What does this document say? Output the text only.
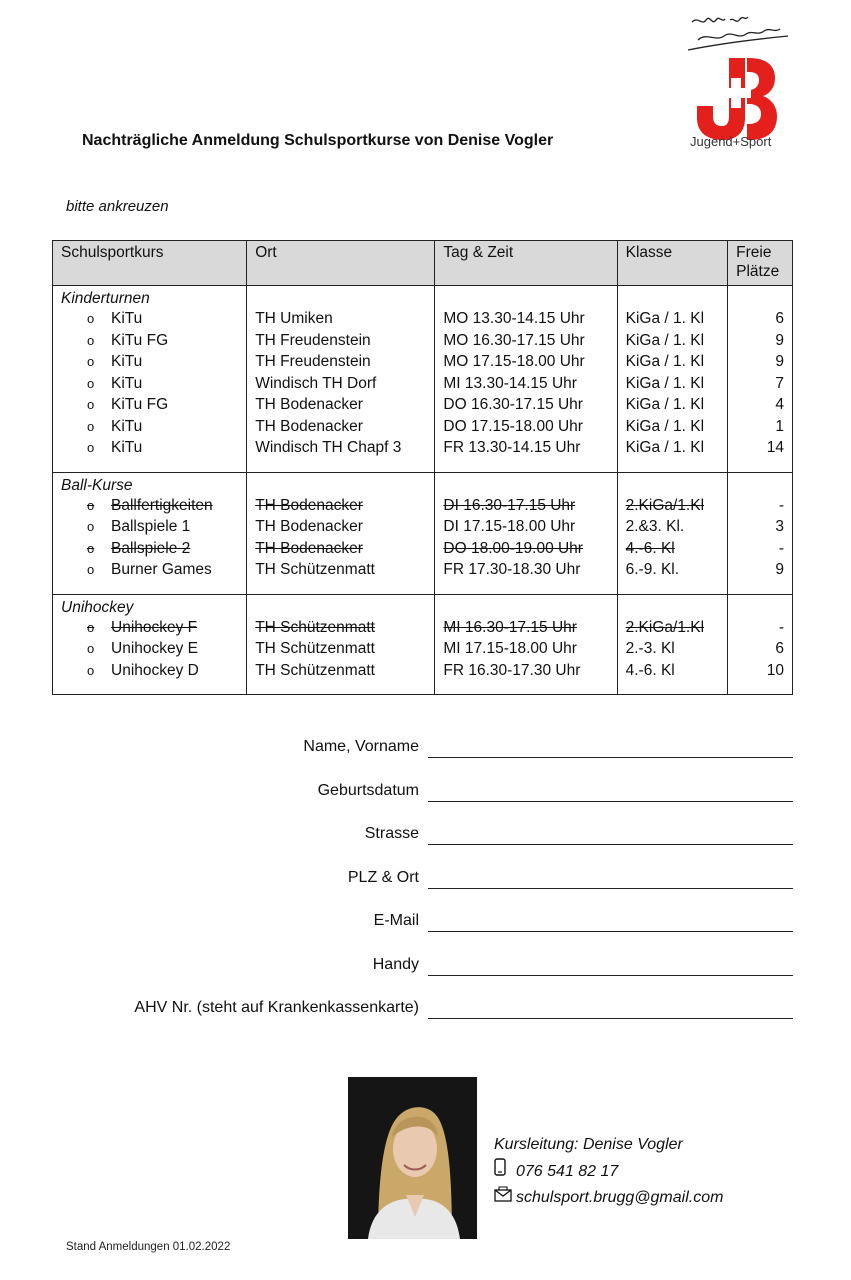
Jugend+Sport
Nachträgliche Anmeldung Schulsportkurse von Denise Vogler
bitte ankreuzen
Schulsportkurs	Ort	Tag & Zeit	Klasse	Freie
Plätze
Kinderturnen				
o KiTu	TH Umiken	MO 13.30-14.15 Uhr	KiGa / 1. Kl	6
o KiTu FG	TH Freudenstein	MO 16.30-17.15 Uhr	KiGa / 1. Kl	9
o KiTu	TH Freudenstein	MO 17.15-18.00 Uhr	KiGa / 1. Kl	9
o KiTu	Windisch TH Dorf	MI 13.30-14.15 Uhr	KiGa / 1. Kl	7
o KiTu FG	TH Bodenacker	DO 16.30-17.15 Uhr	KiGa / 1. Kl	4
o KiTu	TH Bodenacker	DO 17.15-18.00 Uhr	KiGa / 1. Kl	1
o KiTu	Windisch TH Chapf 3	FR 13.30-14.15 Uhr	KiGa / 1. Kl	14

Ball-Kurse				
o Ballfertigkeiten	TH Bodenacker	DI 16.30-17.15 Uhr	2.KiGa/1.Kl	-
o Ballspiele 1	TH Bodenacker	DI 17.15-18.00 Uhr	2.&3. Kl.	3
o Ballspiele 2	TH Bodenacker	DO 18.00-19.00 Uhr	4.-6. Kl	-
o Burner Games	TH Schützenmatt	FR 17.30-18.30 Uhr	6.-9. Kl.	9

Unihockey				
o Unihockey F	TH Schützenmatt	MI 16.30-17.15 Uhr	2.KiGa/1.Kl	-
o Unihockey E	TH Schützenmatt	MI 17.15-18.00 Uhr	2.-3. Kl	6
o Unihockey D	TH Schützenmatt	FR 16.30-17.30 Uhr	4.-6. Kl	10

Name, Vorname
Geburtsdatum
Strasse
PLZ & Ort
E-Mail
Handy
AHV Nr. (steht auf Krankenkassenkarte)
Kursleitung: Denise Vogler
076 541 82 17
schulsport.brugg@gmail.com
Stand Anmeldungen 01.02.2022
